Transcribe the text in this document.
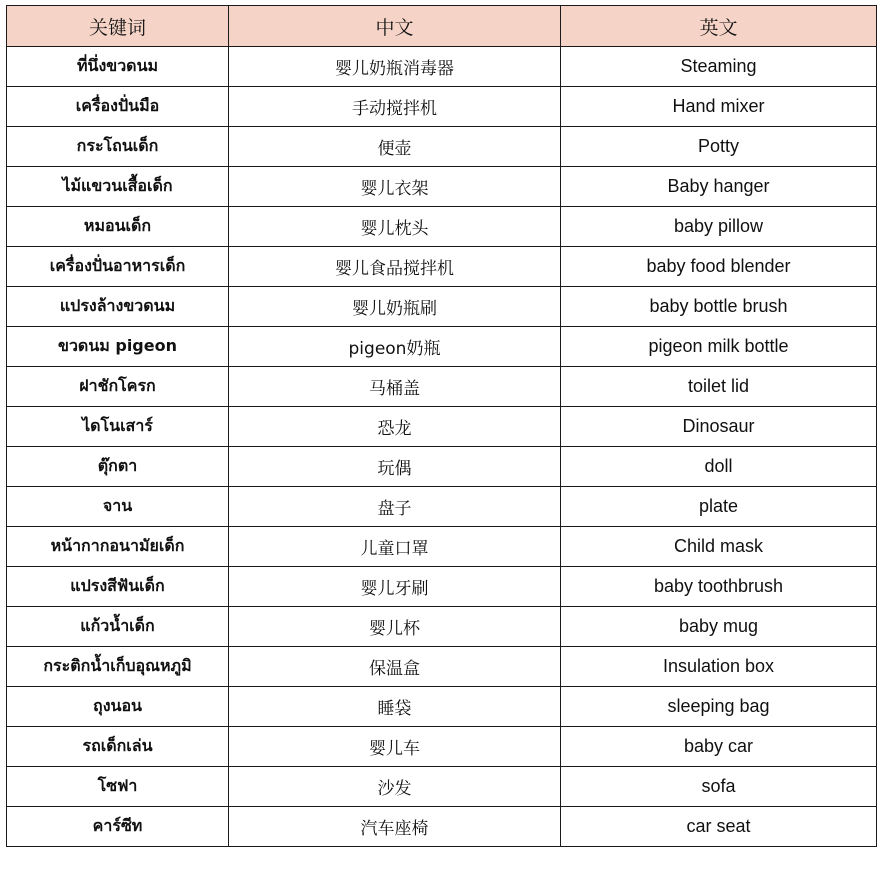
关键词	中文	英文
ที่นึ่งขวดนม	婴儿奶瓶消毒器	Steaming
เครื่องปั่นมือ	手动搅拌机	Hand mixer
กระโถนเด็ก	便壶	Potty
ไม้แขวนเสื้อเด็ก	婴儿衣架	Baby hanger
หมอนเด็ก	婴儿枕头	baby pillow
เครื่องปั่นอาหารเด็ก	婴儿食品搅拌机	baby food blender
แปรงล้างขวดนม	婴儿奶瓶刷	baby bottle brush
ขวดนม pigeon	pigeon奶瓶	pigeon milk bottle
ฝาชักโครก	马桶盖	toilet lid
ไดโนเสาร์	恐龙	Dinosaur
ตุ๊กตา	玩偶	doll
จาน	盘子	plate
หน้ากากอนามัยเด็ก	儿童口罩	Child mask
แปรงสีฟันเด็ก	婴儿牙刷	baby toothbrush
แก้วน้ำเด็ก	婴儿杯	baby mug
กระติกน้ำเก็บอุณหภูมิ	保温盒	Insulation box
ถุงนอน	睡袋	sleeping bag
รถเด็กเล่น	婴儿车	baby car
โซฟา	沙发	sofa
คาร์ซีท	汽车座椅	car seat
